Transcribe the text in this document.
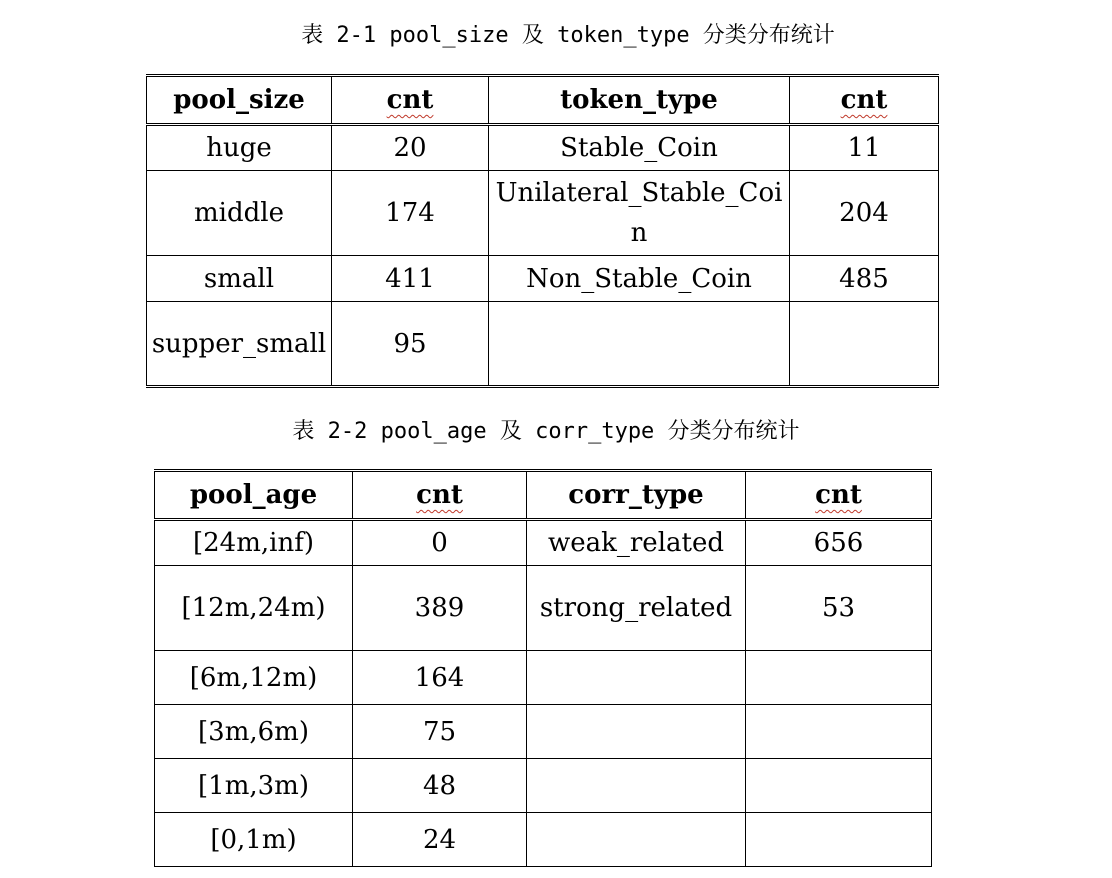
表 2-1 pool_size 及 token_type 分类分布统计
pool_size	cnt	token_type	cnt
huge	20	Stable_Coin	11
middle	174	Unilateral_Stable_Coin	204
small	411	Non_Stable_Coin	485
supper_small	95		
表 2-2 pool_age 及 corr_type 分类分布统计
pool_age	cnt	corr_type	cnt
[24m,inf)	0	weak_related	656
[12m,24m)	389	strong_related	53
[6m,12m)	164		
[3m,6m)	75		
[1m,3m)	48		
[0,1m)	24		
